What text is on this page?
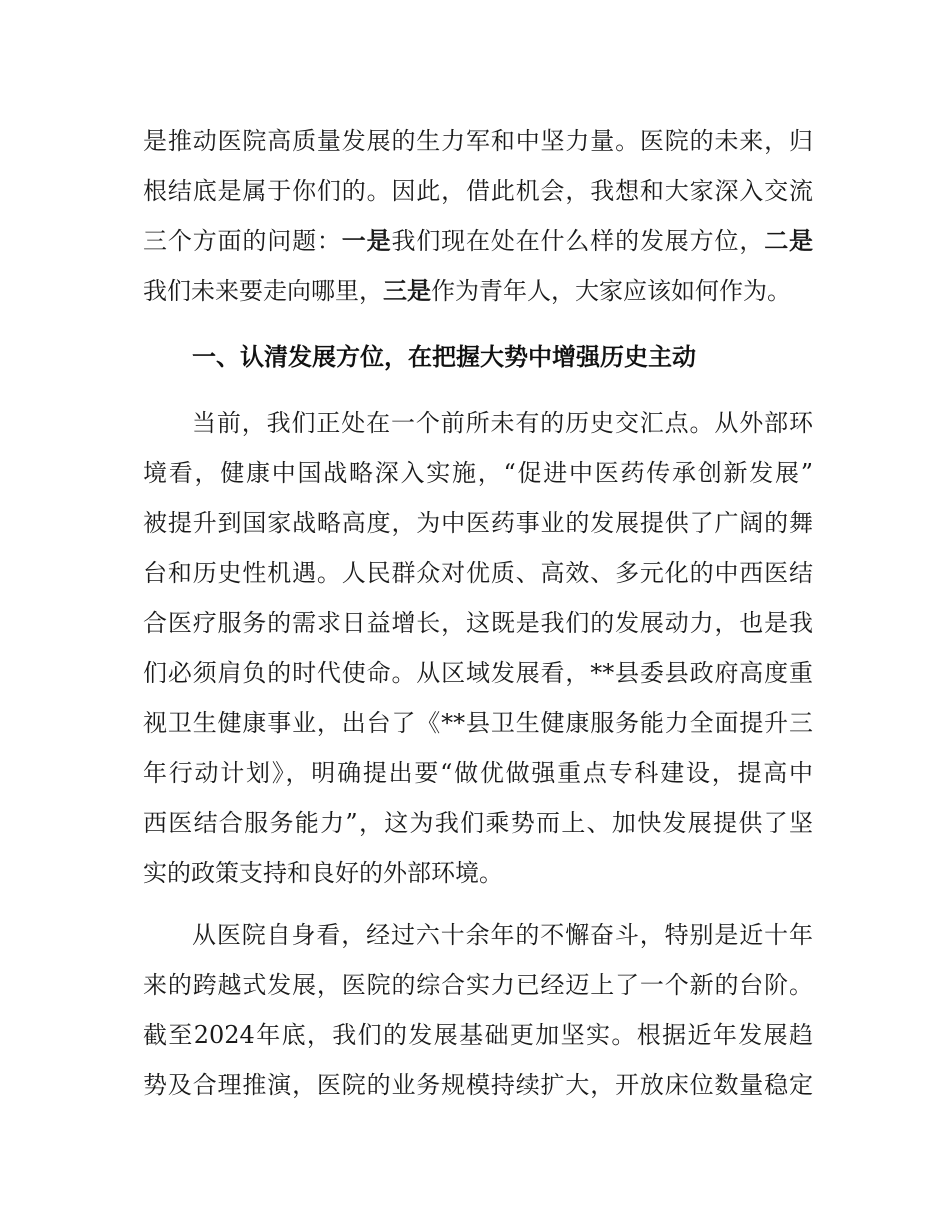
是推动医院高质量发展的生力军和中坚力量。医院的未来，归
根结底是属于你们的。因此，借此机会，我想和大家深入交流
三个方面的问题：一是我们现在处在什么样的发展方位，二是
我们未来要走向哪里，三是作为青年人，大家应该如何作为。
一、认清发展方位，在把握大势中增强历史主动
当前，我们正处在一个前所未有的历史交汇点。从外部环
境看，健康中国战略深入实施，“促进中医药传承创新发展”
被提升到国家战略高度，为中医药事业的发展提供了广阔的舞
台和历史性机遇。人民群众对优质、高效、多元化的中西医结
合医疗服务的需求日益增长，这既是我们的发展动力，也是我
们必须肩负的时代使命。从区域发展看，**县委县政府高度重
视卫生健康事业，出台了《**县卫生健康服务能力全面提升三
年行动计划》，明确提出要“做优做强重点专科建设，提高中
西医结合服务能力”，这为我们乘势而上、加快发展提供了坚
实的政策支持和良好的外部环境。
从医院自身看，经过六十余年的不懈奋斗，特别是近十年
来的跨越式发展，医院的综合实力已经迈上了一个新的台阶。
截至2024年底，我们的发展基础更加坚实。根据近年发展趋
势及合理推演，医院的业务规模持续扩大，开放床位数量稳定
